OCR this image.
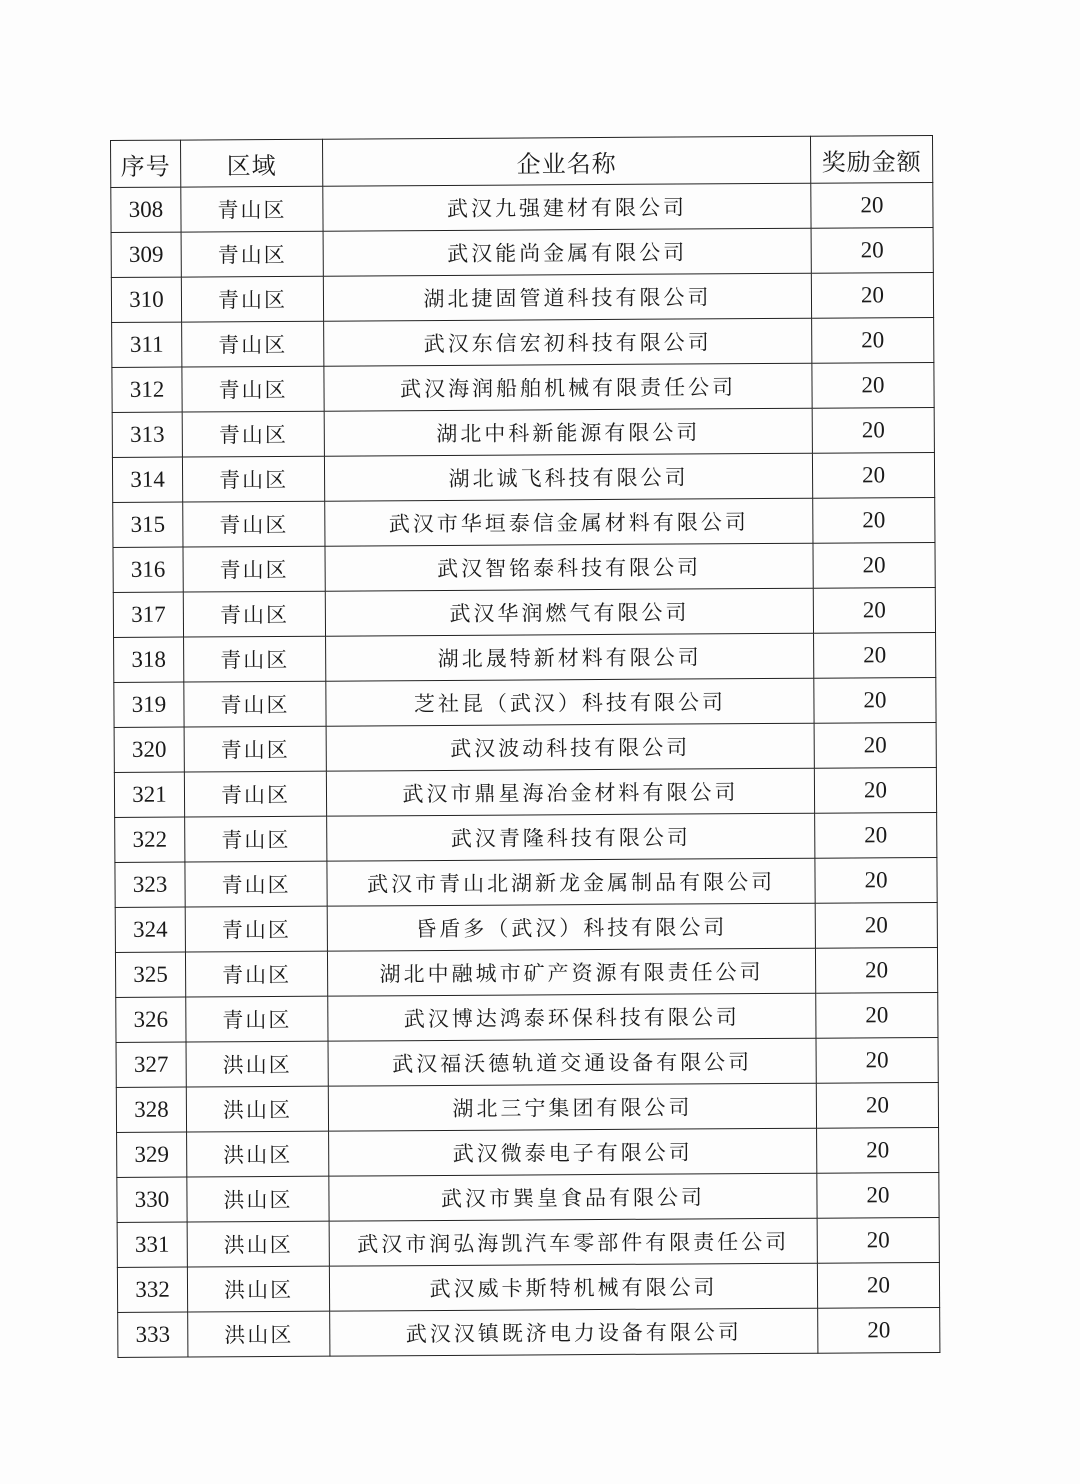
序号	区域	企业名称	奖励金额
308	青山区	武汉九强建材有限公司	20
309	青山区	武汉能尚金属有限公司	20
310	青山区	湖北捷固管道科技有限公司	20
311	青山区	武汉东信宏初科技有限公司	20
312	青山区	武汉海润船舶机械有限责任公司	20
313	青山区	湖北中科新能源有限公司	20
314	青山区	湖北诚飞科技有限公司	20
315	青山区	武汉市华垣泰信金属材料有限公司	20
316	青山区	武汉智铭泰科技有限公司	20
317	青山区	武汉华润燃气有限公司	20
318	青山区	湖北晟特新材料有限公司	20
319	青山区	芝社昆（武汉）科技有限公司	20
320	青山区	武汉波动科技有限公司	20
321	青山区	武汉市鼎星海冶金材料有限公司	20
322	青山区	武汉青隆科技有限公司	20
323	青山区	武汉市青山北湖新龙金属制品有限公司	20
324	青山区	昏盾多（武汉）科技有限公司	20
325	青山区	湖北中融城市矿产资源有限责任公司	20
326	青山区	武汉博达鸿泰环保科技有限公司	20
327	洪山区	武汉福沃德轨道交通设备有限公司	20
328	洪山区	湖北三宁集团有限公司	20
329	洪山区	武汉微泰电子有限公司	20
330	洪山区	武汉市巽皇食品有限公司	20
331	洪山区	武汉市润弘海凯汽车零部件有限责任公司	20
332	洪山区	武汉威卡斯特机械有限公司	20
333	洪山区	武汉汉镇既济电力设备有限公司	20
